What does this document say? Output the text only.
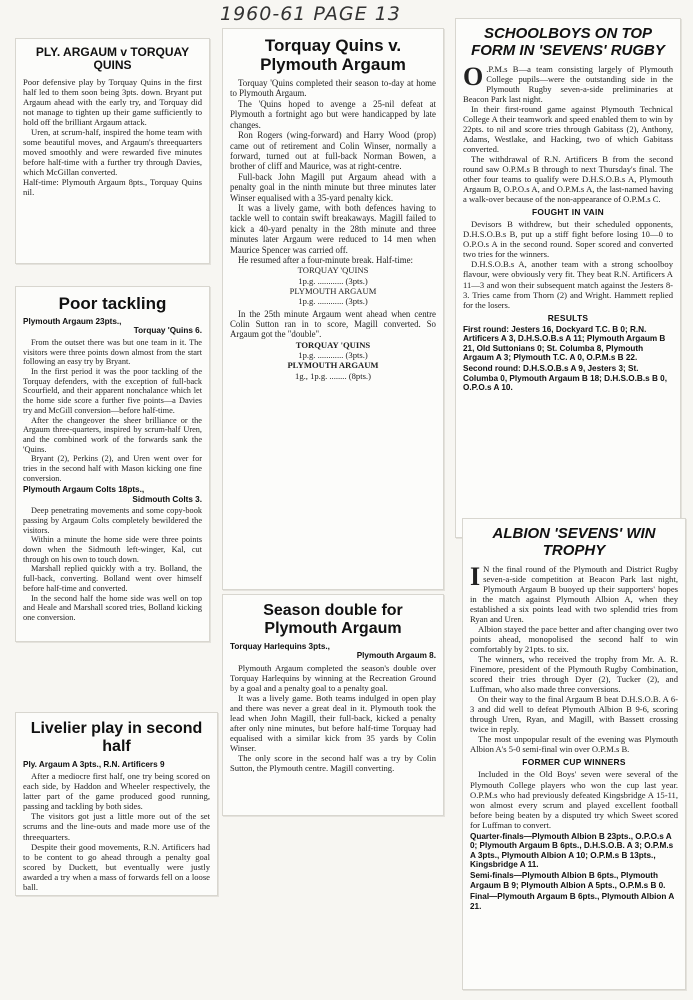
1960-61 PAGE 13
PLY. ARGAUM v TORQUAY QUINS

Poor defensive play by Torquay Quins in the first half led to them soon being 3pts. down. Bryant put Argaum ahead with the early try, and Torquay did not manage to tighten up their game sufficiently to hold off the brilliant Argaum attack.

Uren, at scrum-half, inspired the home team with some beautiful moves, and Argaum's threequarters moved smoothly and were rewarded five minutes before half-time with a further try through Davies, which McGillan converted.

Half-time: Plymouth Argaum 8pts., Torquay Quins nil.

Torquay Quins v. Plymouth Argaum

Torquay 'Quins completed their season to-day at home to Plymouth Argaum.

The 'Quins hoped to avenge a 25-nil defeat at Plymouth a fortnight ago but were handicapped by late changes.

Ron Rogers (wing-forward) and Harry Wood (prop) came out of retirement and Colin Winser, normally a forward, turned out at full-back Norman Bowen, a brother of cliff and Maurice, was at right-centre.

Full-back John Magill put Argaum ahead with a penalty goal in the ninth minute but three minutes later Winser equalised with a 35-yard penalty kick.

It was a lively game, with both defences having to tackle well to contain swift breakaways. Magill failed to kick a 40-yard penalty in the 28th minute and three minutes later Argaum were reduced to 14 men when Maurice Spencer was carried off.

He resumed after a four-minute break. Half-time:

TORQUAY 'QUINS
1p.g. ............ (3pts.)
PLYMOUTH ARGAUM
1p.g. ............ (3pts.)

In the 25th minute Argaum went ahead when centre Colin Sutton ran in to score, Magill converted. So Argaum got the "double".

TORQUAY 'QUINS
1p.g. ............ (3pts.)
PLYMOUTH ARGAUM
1g., 1p.g. ........ (8pts.)
SCHOOLBOYS ON TOP FORM IN 'SEVENS' RUGBY

O .P.M.s B—a team consisting largely of Plymouth College pupils—were the outstanding side in the Plymouth Rugby seven-a-side preliminaries at Beacon Park last night.

In their first-round game against Plymouth Technical College A their teamwork and speed enabled them to win by 22pts. to nil and score tries through Gabitass (2), Anthony, Adams, Westlake, and Hacking, two of which Gabitass converted.

The withdrawal of R.N. Artificers B from the second round saw O.P.M.s B through to next Thursday's final. The other four teams to qualify were D.H.S.O.B.s A, Plymouth Argaum B, O.P.O.s A, and O.P.M.s A, the last-named having a walk-over because of the non-appearance of O.P.M.s C.

FOUGHT IN VAIN

Devisors B withdrew, but their scheduled opponents, D.H.S.O.B.s B, put up a stiff fight before losing 10—0 to O.P.O.s A in the second round. Soper scored and converted two tries for the winners.

D.H.S.O.B.s A, another team with a strong schoolboy flavour, were obviously very fit. They beat R.N. Artificers A 11—3 and won their subsequent match against the Jesters 8-3. Tries came from Thorn (2) and Wright. Hammett replied for the losers.

RESULTS

First round: Jesters 16, Dockyard T.C. B 0; R.N. Artificers A 3, D.H.S.O.B.s A 11; Plymouth Argaum B 21, Old Suttonians 0; St. Columba 8, Plymouth Argaum A 3; Plymouth T.C. A 0, O.P.M.s B 22.

Second round: D.H.S.O.B.s A 9, Jesters 3; St. Columba 0, Plymouth Argaum B 18; D.H.S.O.B.s B 0, O.P.O.s A 10.

Poor tackling
Plymouth Argaum 23pts.,
Torquay 'Quins 6.

From the outset there was but one team in it. The visitors were three points down almost from the start following an easy try by Bryant.

In the first period it was the poor tackling of the Torquay defenders, with the exception of full-back Scourfield, and their apparent nonchalance which let the home side score a further five points—a Davies try and McGill conversion—before half-time.

After the changeover the sheer brilliance or the Argaum three-quarters, inspired by scrum-half Uren, and the combined work of the forwards sank the 'Quins.

Bryant (2), Perkins (2), and Uren went over for tries in the second half with Mason kicking one fine conversion.

Plymouth Argaum Colts 18pts.,
Sidmouth Colts 3.

Deep penetrating movements and some copy-book passing by Argaum Colts completely bewildered the visitors.

Within a minute the home side were three points down when the Sidmouth left-winger, Kal, cut through on his own to touch down.

Marshall replied quickly with a try. Bolland, the full-back, converting. Bolland went over himself before half-time and converted.

In the second half the home side was well on top and Heale and Marshall scored tries, Bolland kicking one conversion.	Season double for Plymouth Argaum
Torquay Harlequins 3pts.,
Plymouth Argaum 8.

Plymouth Argaum completed the season's double over Torquay Harlequins by winning at the Recreation Ground by a goal and a penalty goal to a penalty goal.

It was a lively game. Both teams indulged in open play and there was never a great deal in it. Plymouth took the lead when John Magill, their full-back, kicked a penalty after only nine minutes, but before half-time Torquay had equalised with a similar kick from 35 yards by Colin Winser.

The only score in the second half was a try by Colin Sutton, the Plymouth centre. Magill converting.

Livelier play in second half
Ply. Argaum A 3pts., R.N. Artificers 9

After a mediocre first half, one try being scored on each side, by Haddon and Wheeler respectively, the latter part of the game produced good running, passing and tackling by both sides.

The visitors got just a little more out of the set scrums and the line-outs and made more use of the threequarters.

Despite their good movements, R.N. Artificers had to be content to go ahead through a penalty goal scored by Duckett, but eventually were justly awarded a try when a mass of forwards fell on a loose ball.

ALBION 'SEVENS' WIN TROPHY

I N the final round of the Plymouth and District Rugby seven-a-side competition at Beacon Park last night, Plymouth Argaum B buoyed up their supporters' hopes in the match against Plymouth Albion A, when they established a six points lead with two splendid tries from Ryan and Uren.

Albion stayed the pace better and after changing over two points ahead, monopolised the second half to win comfortably by 21pts. to six.

The winners, who received the trophy from Mr. A. R. Finemore, president of the Plymouth Rugby Combination, scored their tries through Dyer (2), Tucker (2), and Luffman, who also made three conversions.

On their way to the final Argaum B beat D.H.S.O.B. A 6-3 and did well to defeat Plymouth Albion B 9-6, scoring through Uren, Ryan, and Magill, with Bassett crossing twice in reply.

The most unpopular result of the evening was Plymouth Albion A's 5-0 semi-final win over O.P.M.s B.

FORMER CUP WINNERS

Included in the Old Boys' seven were several of the Plymouth College players who won the cup last year. O.P.M.s who had previously defeated Kingsbridge A 15-11, won almost every scrum and played excellent football before being beaten by a disputed try which Sweet scored for Luffman to convert.

Quarter-finals—Plymouth Albion B 23pts., O.P.O.s A 0; Plymouth Argaum B 6pts., D.H.S.O.B. A 3; O.P.M.s A 3pts., Plymouth Albion A 10; O.P.M.s B 13pts., Kingsbridge A 11.

Semi-finals—Plymouth Albion B 6pts., Plymouth Argaum B 9; Plymouth Albion A 5pts., O.P.M.s B 0.

Final—Plymouth Argaum B 6pts., Plymouth Albion A 21.
